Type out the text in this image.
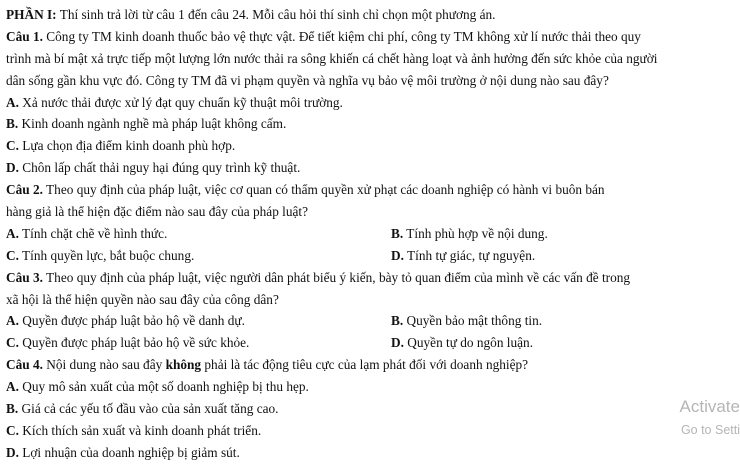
PHẦN I: Thí sinh trả lời từ câu 1 đến câu 24. Mỗi câu hỏi thí sinh chỉ chọn một phương án.
Câu 1. Công ty TM kinh doanh thuốc bảo vệ thực vật. Để tiết kiệm chi phí, công ty TM không xử lí nước thải theo quy
trình mà bí mật xả trực tiếp một lượng lớn nước thải ra sông khiến cá chết hàng loạt và ảnh hưởng đến sức khỏe của người
dân sống gần khu vực đó. Công ty TM đã vi phạm quyền và nghĩa vụ bảo vệ môi trường ở nội dung nào sau đây?
A. Xả nước thải được xử lý đạt quy chuẩn kỹ thuật môi trường.
B. Kinh doanh ngành nghề mà pháp luật không cấm.
C. Lựa chọn địa điểm kinh doanh phù hợp.
D. Chôn lấp chất thải nguy hại đúng quy trình kỹ thuật.
Câu 2. Theo quy định của pháp luật, việc cơ quan có thẩm quyền xử phạt các doanh nghiệp có hành vi buôn bán
hàng giả là thể hiện đặc điểm nào sau đây của pháp luật?
A. Tính chặt chẽ về hình thức.	B. Tính phù hợp về nội dung.
C. Tính quyền lực, bắt buộc chung.	D. Tính tự giác, tự nguyện.
Câu 3. Theo quy định của pháp luật, việc người dân phát biểu ý kiến, bày tỏ quan điểm của mình về các vấn đề trong
xã hội là thể hiện quyền nào sau đây của công dân?
A. Quyền được pháp luật bảo hộ về danh dự.	B. Quyền bảo mật thông tin.
C. Quyền được pháp luật bảo hộ về sức khỏe.	D. Quyền tự do ngôn luận.
Câu 4. Nội dung nào sau đây không phải là tác động tiêu cực của lạm phát đối với doanh nghiệp?
A. Quy mô sản xuất của một số doanh nghiệp bị thu hẹp.
B. Giá cả các yếu tố đầu vào của sản xuất tăng cao.
C. Kích thích sản xuất và kinh doanh phát triển.
D. Lợi nhuận của doanh nghiệp bị giảm sút.
Activate
Go to Setti
